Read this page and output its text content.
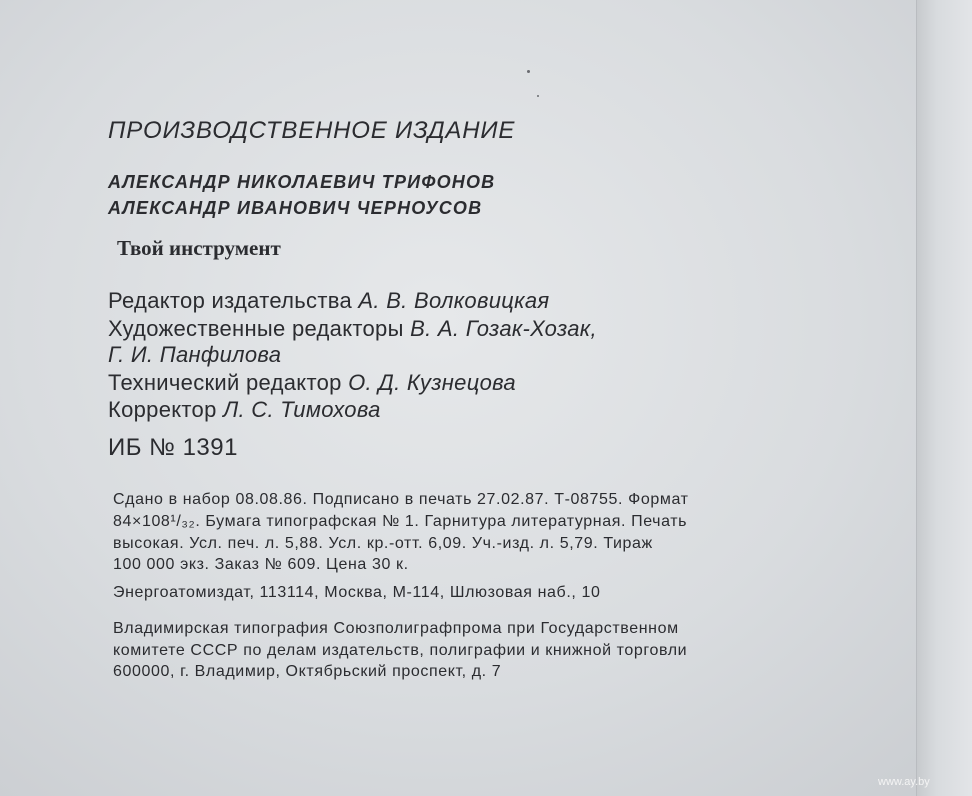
ПРОИЗВОДСТВЕННОЕ ИЗДАНИЕ

АЛЕКСАНДР НИКОЛАЕВИЧ ТРИФОНОВ

АЛЕКСАНДР ИВАНОВИЧ ЧЕРНОУСОВ

Твой инструмент

Редактор издательства А. В. Волковицкая

Художественные редакторы В. А. Гозак-Хозак,

Г. И. Панфилова

Технический редактор О. Д. Кузнецова

Корректор Л. С. Тимохова

ИБ № 1391

Сдано в набор 08.08.86. Подписано в печать 27.02.87. Т-08755. Формат

84×108¹/₃₂. Бумага типографская № 1. Гарнитура литературная. Печать

высокая. Усл. печ. л. 5,88. Усл. кр.-отт. 6,09. Уч.-изд. л. 5,79. Тираж

100 000 экз. Заказ № 609. Цена 30 к.

Энергоатомиздат, 113114, Москва, М-114, Шлюзовая наб., 10

Владимирская типография Союзполиграфпрома при Государственном

комитете СССР по делам издательств, полиграфии и книжной торговли

600000, г. Владимир, Октябрьский проспект, д. 7

www.ay.by
